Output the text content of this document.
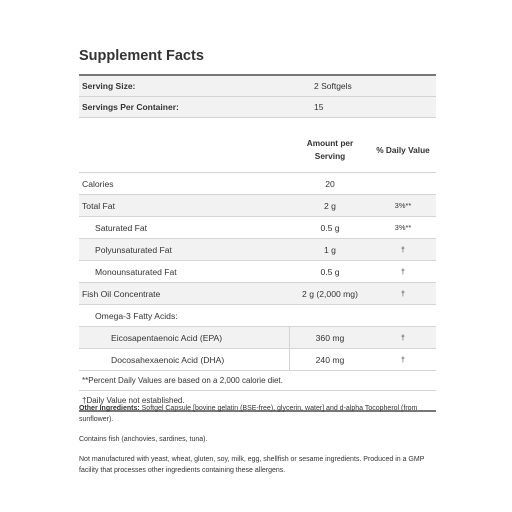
Supplement Facts
Serving Size:	2 Softgels
Servings Per Container:	15
Amount per
Serving
% Daily Value
Calories	20
Total Fat	2 g	3%**
Saturated Fat	0.5 g	3%**
Polyunsaturated Fat	1 g	†
Monounsaturated Fat	0.5 g	†
Fish Oil Concentrate	2 g (2,000 mg)	†
Omega-3 Fatty Acids:
Eicosapentaenoic Acid (EPA)	360 mg	†
Docosahexaenoic Acid (DHA)	240 mg	†
**Percent Daily Values are based on a 2,000 calorie diet.
†Daily Value not established.

Other Ingredients: Softgel Capsule [bovine gelatin (BSE-free), glycerin, water] and d-alpha Tocopherol (from sunflower).

Contains fish (anchovies, sardines, tuna).

Not manufactured with yeast, wheat, gluten, soy, milk, egg, shellfish or sesame ingredients. Produced in a GMP facility that processes other ingredients containing these allergens.
